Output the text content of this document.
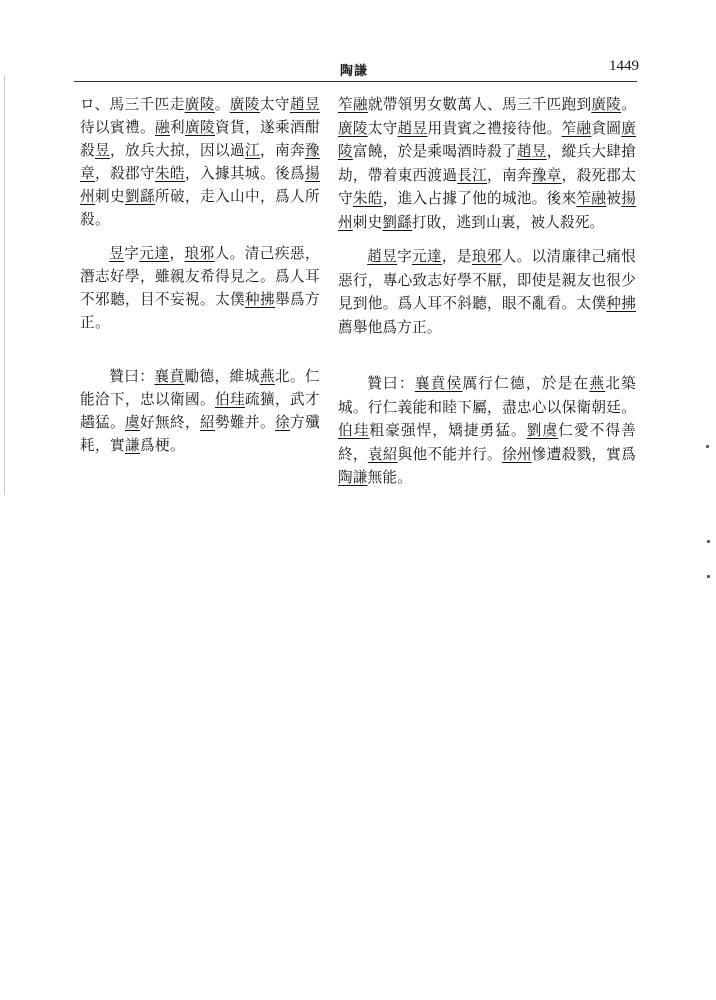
陶謙	1449

ロ、馬三千匹走廣陵。廣陵太守趙昱待以賓禮。融利廣陵資貨，遂乘酒酣殺昱，放兵大掠，因以過江，南奔豫章，殺郡守朱皓，入據其城。後爲揚州刺史劉繇所破，走入山中，爲人所殺。

昱字元達，琅邪人。清己疾惡，潛志好學，雖親友希得見之。爲人耳不邪聽，目不妄視。太僕种拂舉爲方正。

贊曰：襄賁勵德，維城燕北。仁能洽下，忠以衛國。伯珪疏獷，武才趫猛。虞好無終，紹勢難并。徐方殲耗，實謙爲梗。

笮融就帶領男女數萬人、馬三千匹跑到廣陵。廣陵太守趙昱用貴賓之禮接待他。笮融貪圖廣陵富饒，於是乘喝酒時殺了趙昱，縱兵大肆搶劫，帶着東西渡過長江，南奔豫章，殺死郡太守朱皓，進入占據了他的城池。後來笮融被揚州刺史劉繇打敗，逃到山裏，被人殺死。

趙昱字元達，是琅邪人。以清廉律己痛恨惡行，專心致志好學不厭，即使是親友也很少見到他。爲人耳不斜聽，眼不亂看。太僕种拂薦舉他爲方正。

贊曰：襄賁侯厲行仁德，於是在燕北築城。行仁義能和睦下屬，盡忠心以保衛朝廷。伯珪粗豪强悍，矯捷勇猛。劉虞仁愛不得善終，袁紹與他不能并行。徐州慘遭殺戮，實爲陶謙無能。
